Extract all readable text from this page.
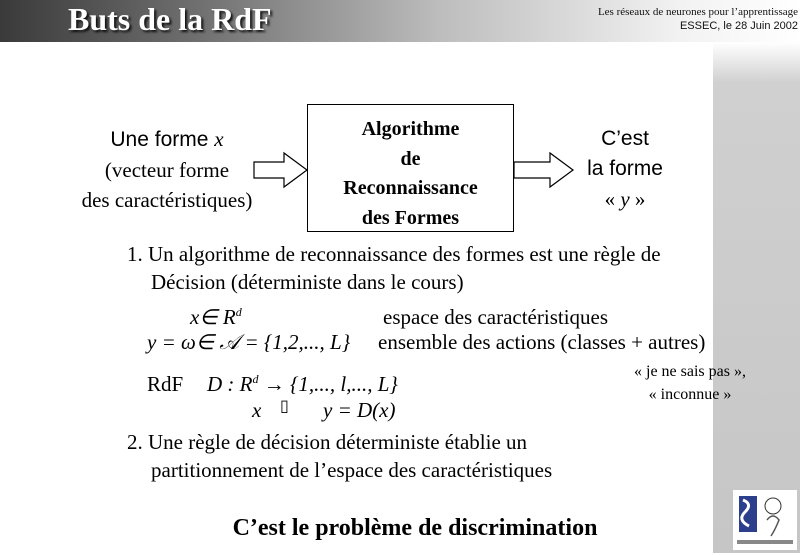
Buts de la RdF	Les réseaux de neurones pour l’apprentissage
ESSEC, le 28 Juin 2002
Une forme x
(vecteur forme
des caractéristiques)
Algorithme
de
Reconnaissance
des Formes
C’est
la forme
« y »
1. Un algorithme de reconnaissance des formes est une règle de
Décision (déterministe dans le cours)
x∈ $R^d$	espace des caractéristiques
y = ω∈ 𝒜 = {1,2,..., L} ensemble des actions (classes + autres)
RdF D : $R^d \to \{1$,..., l,..., L}
x ▯ y = D(x)
« je ne sais pas »,
« inconnue »
2. Une règle de décision déterministe établie un
partitionnement de l’espace des caractéristiques
C’est le problème de discrimination
